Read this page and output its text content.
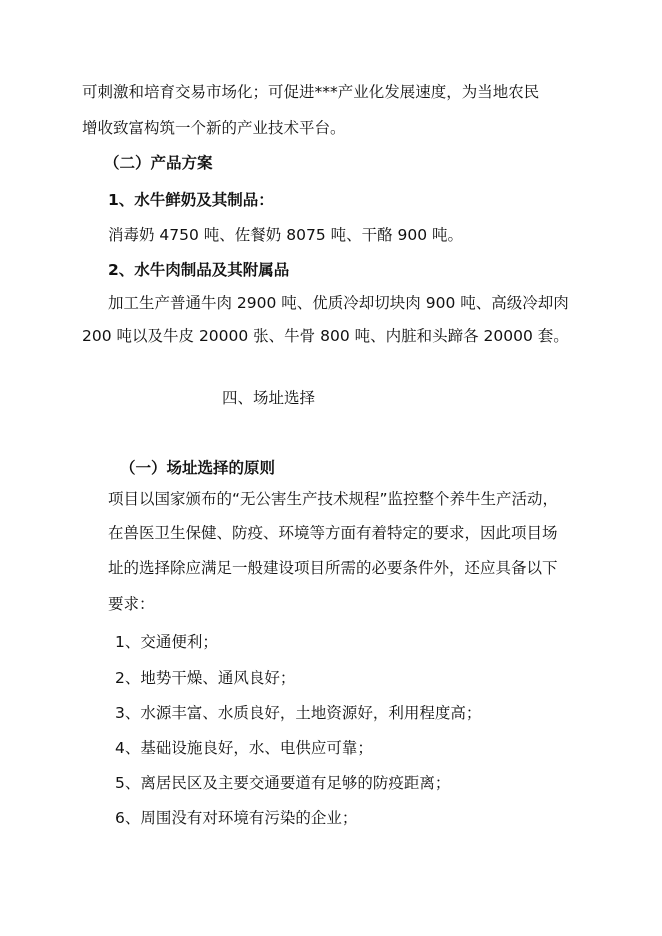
可刺激和培育交易市场化；可促进***产业化发展速度，为当地农民
增收致富构筑一个新的产业技术平台。
（二）产品方案
1、水牛鲜奶及其制品：
消毒奶 4750 吨、佐餐奶 8075 吨、干酪 900 吨。
2、水牛肉制品及其附属品
加工生产普通牛肉 2900 吨、优质冷却切块肉 900 吨、高级冷却肉
200 吨以及牛皮 20000 张、牛骨 800 吨、内脏和头蹄各 20000 套。
四、场址选择
（一）场址选择的原则
项目以国家颁布的“无公害生产技术规程”监控整个养牛生产活动，
在兽医卫生保健、防疫、环境等方面有着特定的要求，因此项目场
址的选择除应满足一般建设项目所需的必要条件外，还应具备以下
要求：
1、交通便利；
2、地势干燥、通风良好；
3、水源丰富、水质良好，土地资源好，利用程度高；
4、基础设施良好，水、电供应可靠；
5、离居民区及主要交通要道有足够的防疫距离；
6、周围没有对环境有污染的企业；
